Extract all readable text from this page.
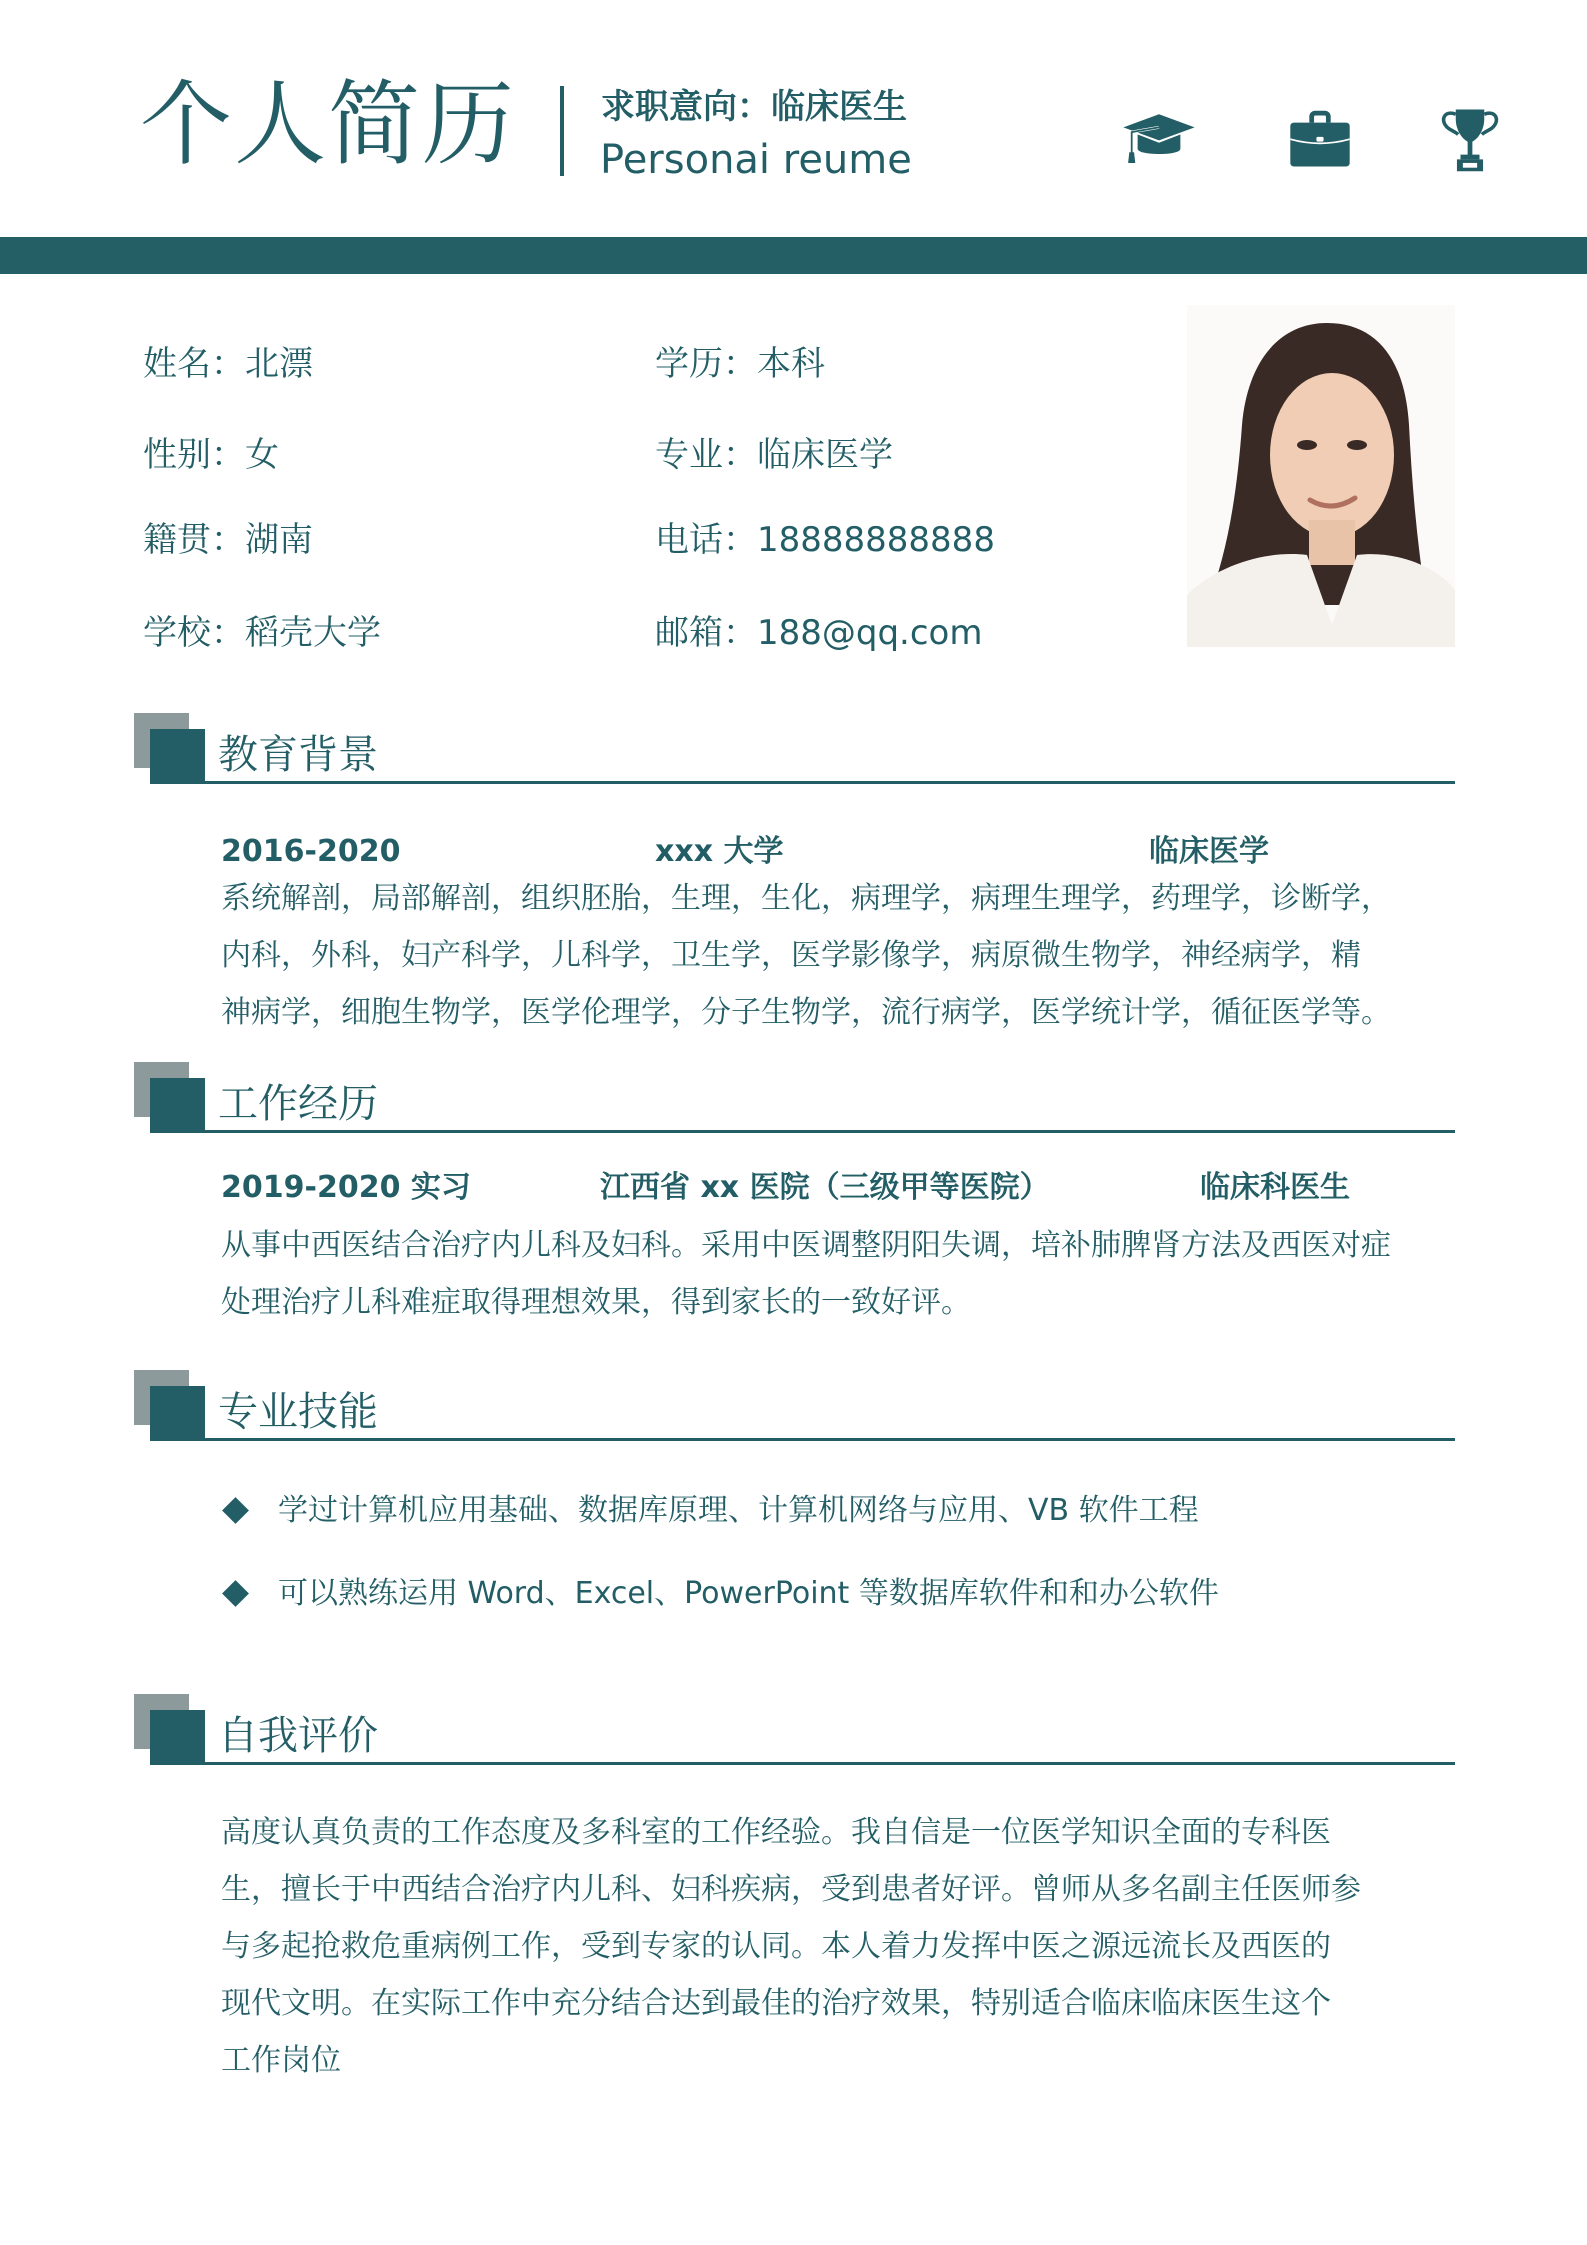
个人简历 求职意向：临床医生
Personai reume
姓名：北漂
性别：女
籍贯：湖南
学校：稻壳大学
学历：本科
专业：临床医学
电话：18888888888
邮箱：188@qq.com
教育背景
2016-2020	xxx 大学	临床医学
系统解剖，局部解剖，组织胚胎，生理，生化，病理学，病理生理学，药理学，诊断学，
内科，外科，妇产科学，儿科学，卫生学，医学影像学，病原微生物学，神经病学，精
神病学，细胞生物学，医学伦理学，分子生物学，流行病学，医学统计学，循征医学等。
工作经历
2019-2020 实习	江西省 xx 医院（三级甲等医院）	临床科医生
从事中西医结合治疗内儿科及妇科。采用中医调整阴阳失调，培补肺脾肾方法及西医对症
处理治疗儿科难症取得理想效果，得到家长的一致好评。
专业技能
学过计算机应用基础、数据库原理、计算机网络与应用、VB 软件工程
可以熟练运用 Word、Excel、PowerPoint 等数据库软件和和办公软件
自我评价
高度认真负责的工作态度及多科室的工作经验。我自信是一位医学知识全面的专科医
生，擅长于中西结合治疗内儿科、妇科疾病，受到患者好评。曾师从多名副主任医师参
与多起抢救危重病例工作，受到专家的认同。本人着力发挥中医之源远流长及西医的
现代文明。在实际工作中充分结合达到最佳的治疗效果，特别适合临床临床医生这个
工作岗位
